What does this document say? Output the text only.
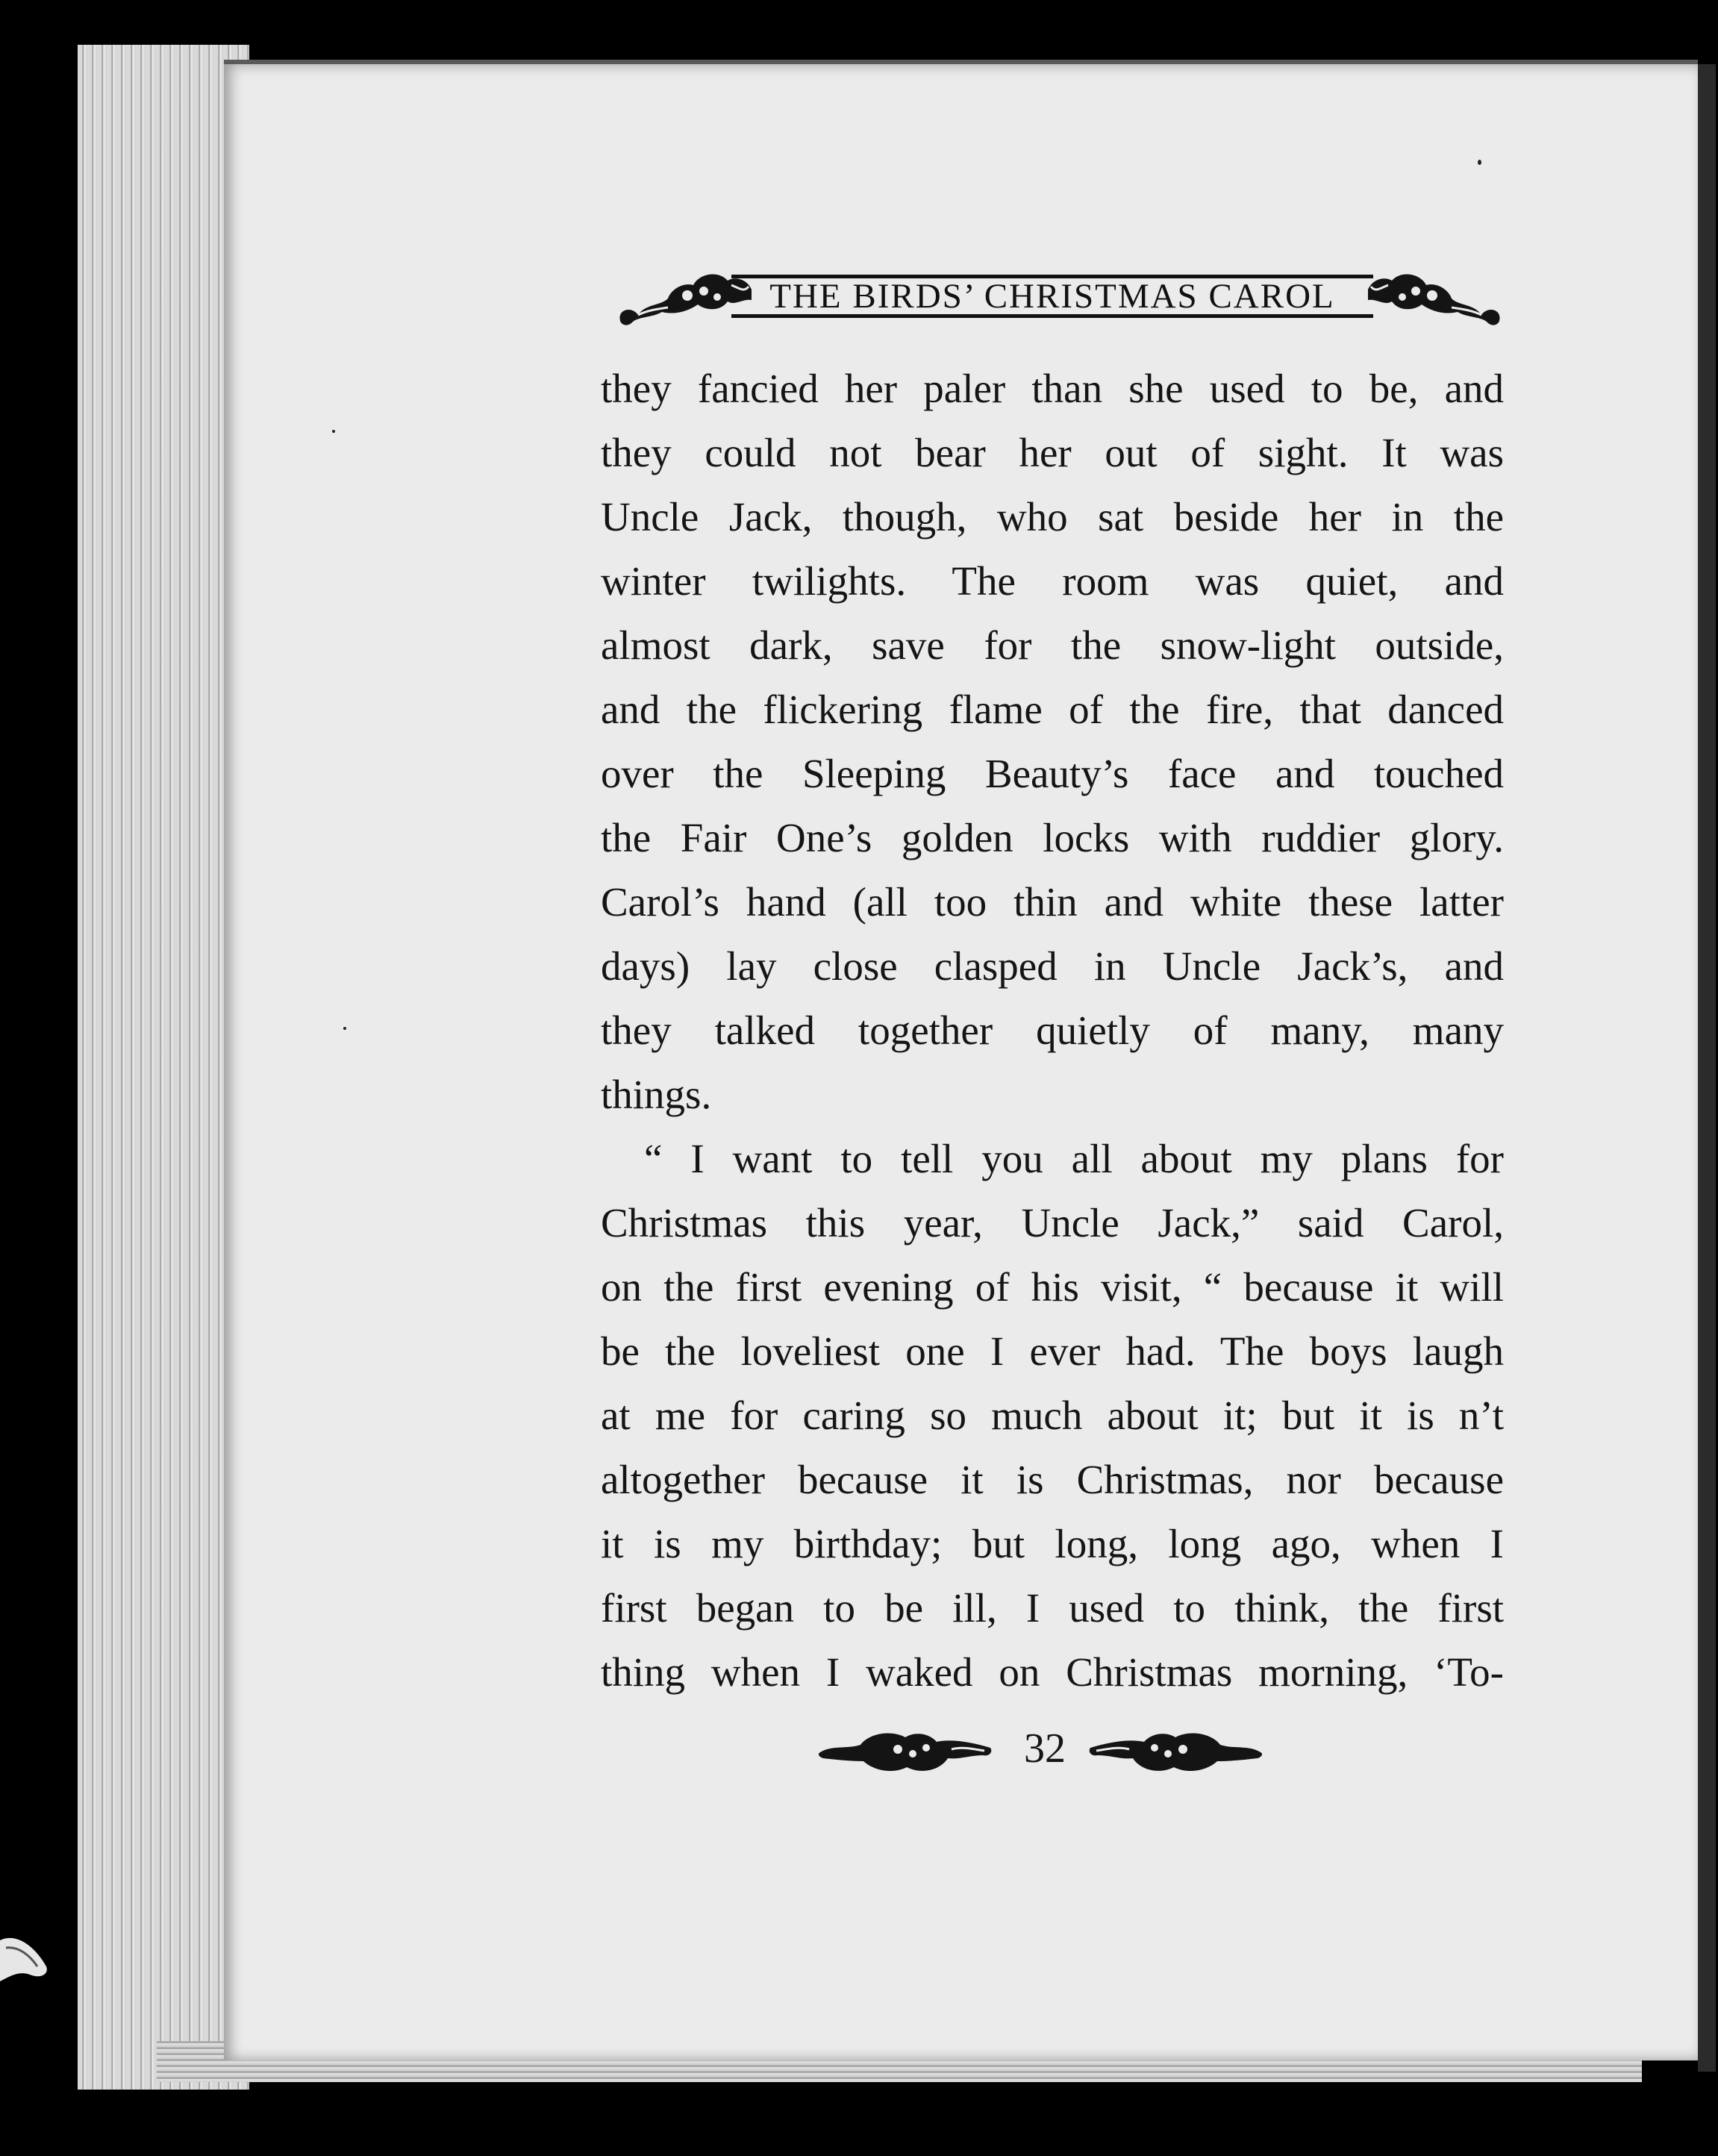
THE BIRDS’ CHRISTMAS CAROL
they fancied her paler than she used to be, and
they could not bear her out of sight. It was
Uncle Jack, though, who sat beside her in the
winter twilights. The room was quiet, and
almost dark, save for the snow-light outside,
and the flickering flame of the fire, that danced
over the Sleeping Beauty’s face and touched
the Fair One’s golden locks with ruddier glory.
Carol’s hand (all too thin and white these latter
days) lay close clasped in Uncle Jack’s, and
they talked together quietly of many, many
things.
“ I want to tell you all about my plans for
Christmas this year, Uncle Jack,” said Carol,
on the first evening of his visit, “ because it will
be the loveliest one I ever had. The boys laugh
at me for caring so much about it; but it is n’t
altogether because it is Christmas, nor because
it is my birthday; but long, long ago, when I
first began to be ill, I used to think, the first
thing when I waked on Christmas morning, ‘To-
32
